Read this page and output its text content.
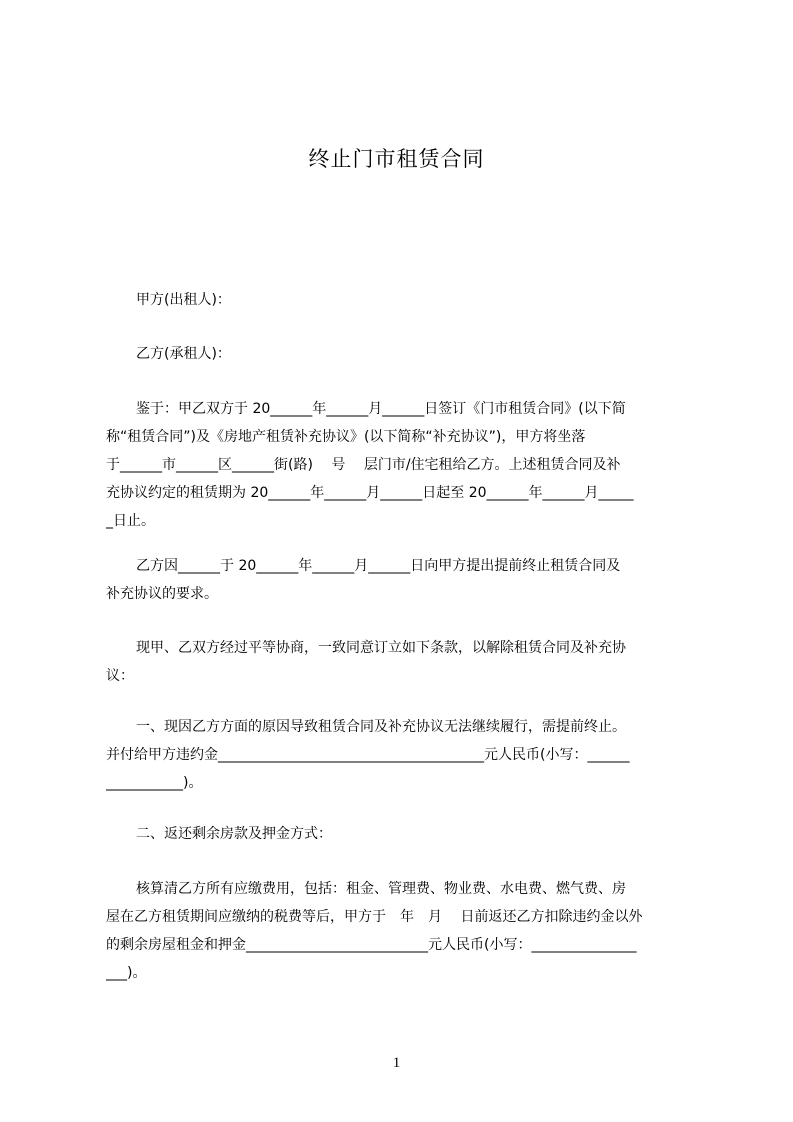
终止门市租赁合同
甲方(出租人)：
乙方(承租人)：
鉴于：甲乙双方于 20______年______月______日签订《门市租赁合同》(以下简
称“租赁合同”)及《房地产租赁补充协议》(以下简称“补充协议”)，甲方将坐落
于______市______区______街(路)　 号　 层门市/住宅租给乙方。上述租赁合同及补
充协议约定的租赁期为 20______年______月______日起至 20______年______月_____
_日止。
乙方因______于 20______年______月______日向甲方提出提前终止租赁合同及
补充协议的要求。
现甲、乙双方经过平等协商，一致同意订立如下条款，以解除租赁合同及补充协
议：
一、现因乙方方面的原因导致租赁合同及补充协议无法继续履行，需提前终止。
并付给甲方违约金______________________________________元人民币(小写：______
___________)。
二、返还剩余房款及押金方式：
核算清乙方所有应缴费用，包括：租金、管理费、物业费、水电费、燃气费、房
屋在乙方租赁期间应缴纳的税费等后，甲方于　年　月　 日前返还乙方扣除违约金以外
的剩余房屋租金和押金__________________________元人民币(小写：_______________
___)。
1
